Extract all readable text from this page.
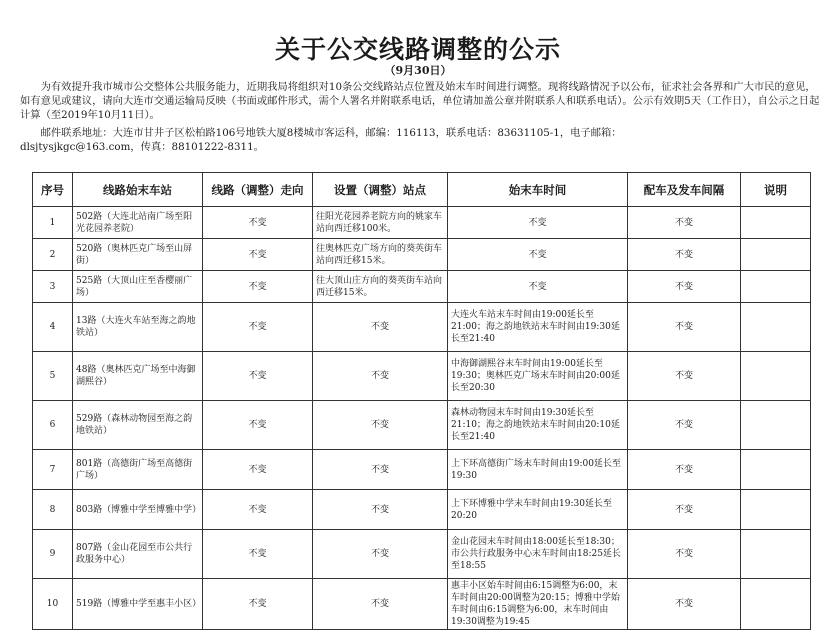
关于公交线路调整的公示
（9月30日）
为有效提升我市城市公交整体公共服务能力，近期我局将组织对10条公交线路站点位置及始末车时间进行调整。现将线路情况予以公布，征求社会各界和广大市民的意见，如有意见或建议，请向大连市交通运输局反映（书面或邮件形式，需个人署名并附联系电话，单位请加盖公章并附联系人和联系电话）。公示有效期5天（工作日），自公示之日起计算（至2019年10月11日）。
邮件联系地址：大连市甘井子区松柏路106号地铁大厦8楼城市客运科，邮编：116113，联系电话：83631105-1，电子邮箱：
dlsjtysjkgc@163.com，传真：88101222-8311。
序号	线路始末车站	线路（调整）走向	设置（调整）站点	始末车时间	配车及发车间隔	说明
1	502路（大连北站南广场至阳光花园养老院）	不变	往阳光花园养老院方向的姚家车站向西迁移100米。	不变	不变	
2	520路（奥林匹克广场至山屏街）	不变	往奥林匹克广场方向的葵英街车站向西迁移15米。	不变	不变	
3	525路（大顶山庄至香樱丽广场）	不变	往大顶山庄方向的葵英街车站向西迁移15米。	不变	不变	
4	13路（大连火车站至海之韵地铁站）	不变	不变	大连火车站末车时间由19:00延长至21:00；海之韵地铁站末车时间由19:30延长至21:40	不变	
5	48路（奥林匹克广场至中海御湖熙谷）	不变	不变	中海御湖熙谷末车时间由19:00延长至19:30；奥林匹克广场末车时间由20:00延长至20:30	不变	
6	529路（森林动物园至海之韵地铁站）	不变	不变	森林动物园末车时间由19:30延长至21:10；海之韵地铁站末车时间由20:10延长至21:40	不变	
7	801路（高德街广场至高德街广场）	不变	不变	上下环高德街广场末车时间由19:00延长至19:30	不变	
8	803路（博雅中学至博雅中学）	不变	不变	上下环博雅中学末车时间由19:30延长至20:20	不变	
9	807路（金山花园至市公共行政服务中心）	不变	不变	金山花园末车时间由18:00延长至18:30；市公共行政服务中心末车时间由18:25延长至18:55	不变	
10	519路（博雅中学至惠丰小区）	不变	不变	惠丰小区始车时间由6:15调整为6:00，末车时间由20:00调整为20:15；博雅中学始车时间由6:15调整为6:00，末车时间由19:30调整为19:45	不变	
